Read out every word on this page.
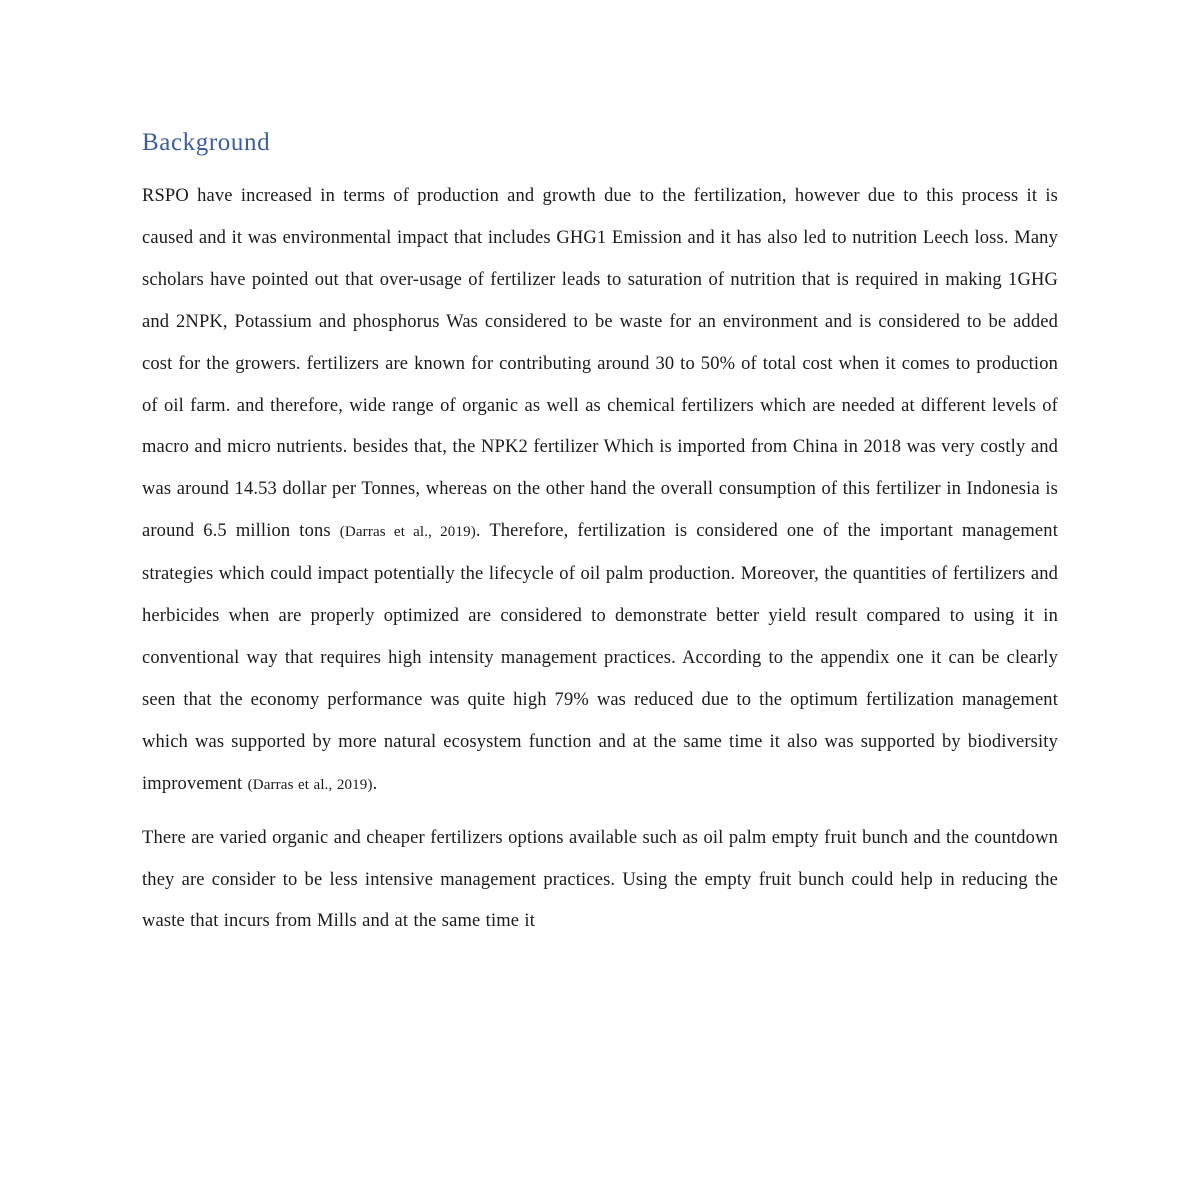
Background

RSPO have increased in terms of production and growth due to the fertilization, however due to this process it is caused and it was environmental impact that includes GHG1 Emission and it has also led to nutrition Leech loss. Many scholars have pointed out that over-usage of fertilizer leads to saturation of nutrition that is required in making 1GHG and 2NPK, Potassium and phosphorus Was considered to be waste for an environment and is considered to be added cost for the growers. fertilizers are known for contributing around 30 to 50% of total cost when it comes to production of oil farm. and therefore, wide range of organic as well as chemical fertilizers which are needed at different levels of macro and micro nutrients. besides that, the NPK2 fertilizer Which is imported from China in 2018 was very costly and was around 14.53 dollar per Tonnes, whereas on the other hand the overall consumption of this fertilizer in Indonesia is around 6.5 million tons (Darras et al., 2019). Therefore, fertilization is considered one of the important management strategies which could impact potentially the lifecycle of oil palm production. Moreover, the quantities of fertilizers and herbicides when are properly optimized are considered to demonstrate better yield result compared to using it in conventional way that requires high intensity management practices. According to the appendix one it can be clearly seen that the economy performance was quite high 79% was reduced due to the optimum fertilization management which was supported by more natural ecosystem function and at the same time it also was supported by biodiversity improvement (Darras et al., 2019).

There are varied organic and cheaper fertilizers options available such as oil palm empty fruit bunch and the countdown they are consider to be less intensive management practices. Using the empty fruit bunch could help in reducing the waste that incurs from Mills and at the same time it
